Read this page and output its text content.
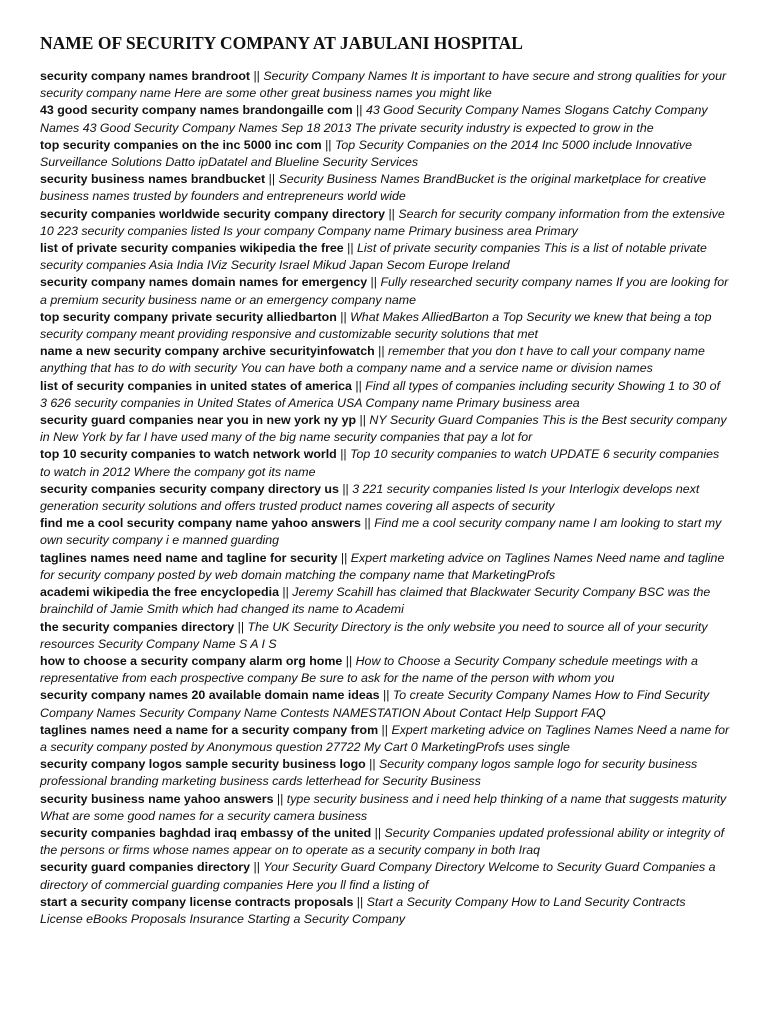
NAME OF SECURITY COMPANY AT JABULANI HOSPITAL

security company names brandroot || Security Company Names It is important to have secure and strong qualities for your security company name Here are some other great business names you might like

43 good security company names brandongaille com || 43 Good Security Company Names Slogans Catchy Company Names 43 Good Security Company Names Sep 18 2013 The private security industry is expected to grow in the

top security companies on the inc 5000 inc com || Top Security Companies on the 2014 Inc 5000 include Innovative Surveillance Solutions Datto ipDatatel and Blueline Security Services

security business names brandbucket || Security Business Names BrandBucket is the original marketplace for creative business names trusted by founders and entrepreneurs world wide

security companies worldwide security company directory || Search for security company information from the extensive 10 223 security companies listed Is your company Company name Primary business area Primary

list of private security companies wikipedia the free || List of private security companies This is a list of notable private security companies Asia India IViz Security Israel Mikud Japan Secom Europe Ireland

security company names domain names for emergency || Fully researched security company names If you are looking for a premium security business name or an emergency company name

top security company private security alliedbarton || What Makes AlliedBarton a Top Security we knew that being a top security company meant providing responsive and customizable security solutions that met

name a new security company archive securityinfowatch || remember that you don t have to call your company name anything that has to do with security You can have both a company name and a service name or division names

list of security companies in united states of america || Find all types of companies including security Showing 1 to 30 of 3 626 security companies in United States of America USA Company name Primary business area

security guard companies near you in new york ny yp || NY Security Guard Companies This is the Best security company in New York by far I have used many of the big name security companies that pay a lot for

top 10 security companies to watch network world || Top 10 security companies to watch UPDATE 6 security companies to watch in 2012 Where the company got its name

security companies security company directory us || 3 221 security companies listed Is your Interlogix develops next generation security solutions and offers trusted product names covering all aspects of security

find me a cool security company name yahoo answers || Find me a cool security company name I am looking to start my own security company i e manned guarding

taglines names need name and tagline for security || Expert marketing advice on Taglines Names Need name and tagline for security company posted by web domain matching the company name that MarketingProfs

academi wikipedia the free encyclopedia || Jeremy Scahill has claimed that Blackwater Security Company BSC was the brainchild of Jamie Smith which had changed its name to Academi

the security companies directory || The UK Security Directory is the only website you need to source all of your security resources Security Company Name S A I S

how to choose a security company alarm org home || How to Choose a Security Company schedule meetings with a representative from each prospective company Be sure to ask for the name of the person with whom you

security company names 20 available domain name ideas || To create Security Company Names How to Find Security Company Names Security Company Name Contests NAMESTATION About Contact Help Support FAQ

taglines names need a name for a security company from || Expert marketing advice on Taglines Names Need a name for a security company posted by Anonymous question 27722 My Cart 0 MarketingProfs uses single

security company logos sample security business logo || Security company logos sample logo for security business professional branding marketing business cards letterhead for Security Business

security business name yahoo answers || type security business and i need help thinking of a name that suggests maturity What are some good names for a security camera business

security companies baghdad iraq embassy of the united || Security Companies updated professional ability or integrity of the persons or firms whose names appear on to operate as a security company in both Iraq

security guard companies directory || Your Security Guard Company Directory Welcome to Security Guard Companies a directory of commercial guarding companies Here you ll find a listing of

start a security company license contracts proposals || Start a Security Company How to Land Security Contracts License eBooks Proposals Insurance Starting a Security Company
